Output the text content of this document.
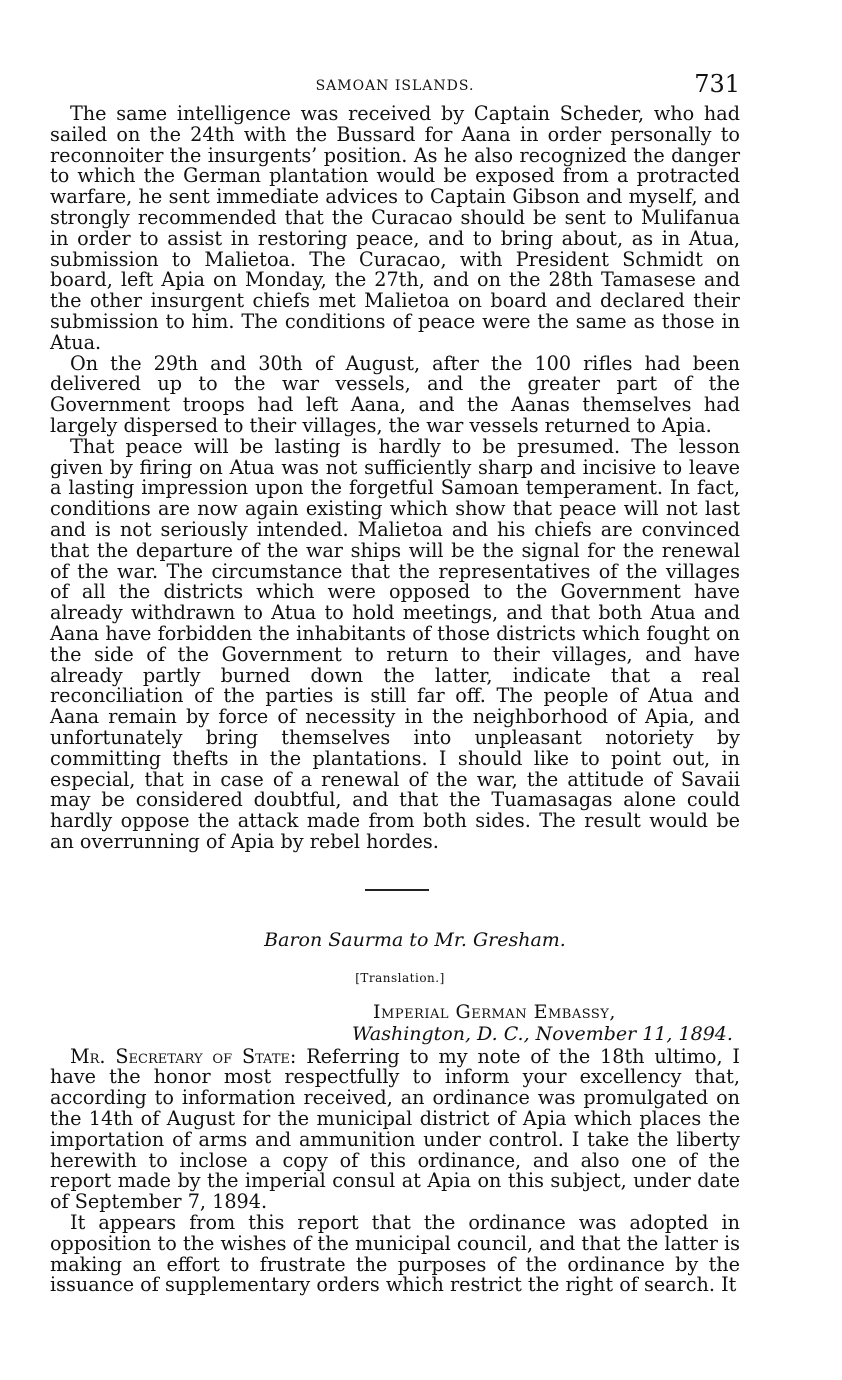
SAMOAN ISLANDS.	731

The same intelligence was received by Captain Scheder, who had sailed on the 24th with the Bussard for Aana in order personally to reconnoiter the insurgents’ position. As he also recognized the danger to which the German plantation would be exposed from a protracted warfare, he sent immediate advices to Captain Gibson and myself, and strongly recommended that the Curacao should be sent to Mulifanua in order to assist in restoring peace, and to bring about, as in Atua, submission to Malietoa. The Curacao, with President Schmidt on board, left Apia on Monday, the 27th, and on the 28th Tamasese and the other insurgent chiefs met Malietoa on board and declared their submission to him. The conditions of peace were the same as those in Atua.

On the 29th and 30th of August, after the 100 rifles had been delivered up to the war vessels, and the greater part of the Government troops had left Aana, and the Aanas themselves had largely dispersed to their villages, the war vessels returned to Apia.

That peace will be lasting is hardly to be presumed. The lesson given by firing on Atua was not sufficiently sharp and incisive to leave a lasting impression upon the forgetful Samoan temperament. In fact, conditions are now again existing which show that peace will not last and is not seriously intended. Malietoa and his chiefs are convinced that the departure of the war ships will be the signal for the renewal of the war. The circumstance that the representatives of the villages of all the districts which were opposed to the Government have already withdrawn to Atua to hold meetings, and that both Atua and Aana have forbidden the inhabitants of those districts which fought on the side of the Government to return to their villages, and have already partly burned down the latter, indicate that a real reconciliation of the parties is still far off. The people of Atua and Aana remain by force of necessity in the neighborhood of Apia, and unfortunately bring themselves into unpleasant notoriety by committing thefts in the plantations. I should like to point out, in especial, that in case of a renewal of the war, the attitude of Savaii may be considered doubtful, and that the Tuamasagas alone could hardly oppose the attack made from both sides. The result would be an overrunning of Apia by rebel hordes.

Baron Saurma to Mr. Gresham.
[Translation.]
Imperial German Embassy,
Washington, D. C., November 11, 1894.

Mr. Secretary of State: Referring to my note of the 18th ultimo, I have the honor most respectfully to inform your excellency that, according to information received, an ordinance was promulgated on the 14th of August for the municipal district of Apia which places the importation of arms and ammunition under control. I take the liberty herewith to inclose a copy of this ordinance, and also one of the report made by the imperial consul at Apia on this subject, under date of September 7, 1894.

It appears from this report that the ordinance was adopted in opposition to the wishes of the municipal council, and that the latter is making an effort to frustrate the purposes of the ordinance by the issuance of supplementary orders which restrict the right of search. It
